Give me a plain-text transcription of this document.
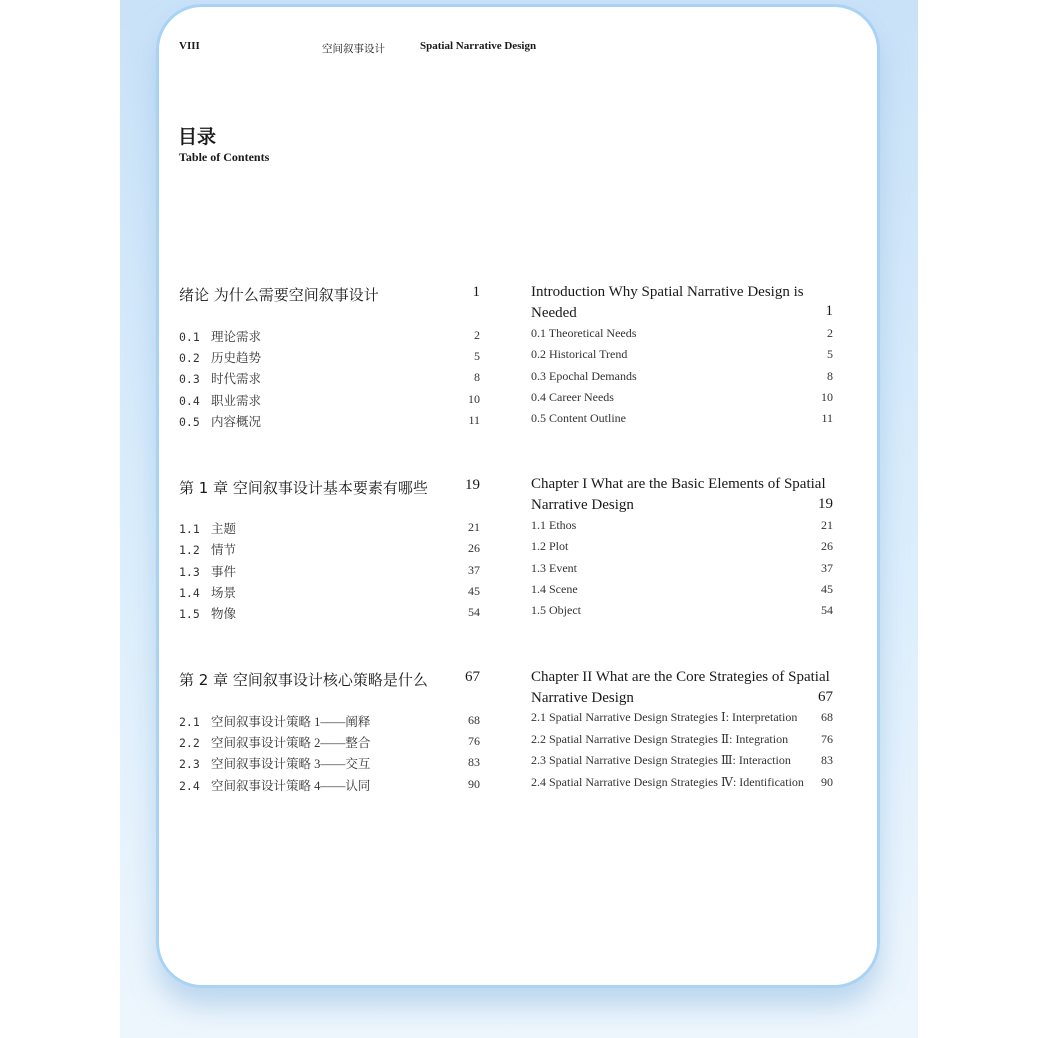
VIII	空间叙事设计	Spatial Narrative Design
目录
Table of Contents
绪论 为什么需要空间叙事设计	1
0.1 理论需求	2
0.2 历史趋势	5
0.3 时代需求	8
0.4 职业需求	10
0.5 内容概况	11
Introduction Why Spatial Narrative Design is Needed	1
0.1 Theoretical Needs	2
0.2 Historical Trend	5
0.3 Epochal Demands	8
0.4 Career Needs	10
0.5 Content Outline	11
第 1 章 空间叙事设计基本要素有哪些	19
1.1 主题	21
1.2 情节	26
1.3 事件	37
1.4 场景	45
1.5 物像	54
Chapter I What are the Basic Elements of Spatial Narrative Design	19
1.1 Ethos	21
1.2 Plot	26
1.3 Event	37
1.4 Scene	45
1.5 Object	54
第 2 章 空间叙事设计核心策略是什么	67
2.1 空间叙事设计策略 1——阐释	68
2.2 空间叙事设计策略 2——整合	76
2.3 空间叙事设计策略 3——交互	83
2.4 空间叙事设计策略 4——认同	90
Chapter II What are the Core Strategies of Spatial Narrative Design	67
2.1 Spatial Narrative Design Strategies Ⅰ: Interpretation	68
2.2 Spatial Narrative Design Strategies Ⅱ: Integration	76
2.3 Spatial Narrative Design Strategies Ⅲ: Interaction	83
2.4 Spatial Narrative Design Strategies Ⅳ: Identification	90
